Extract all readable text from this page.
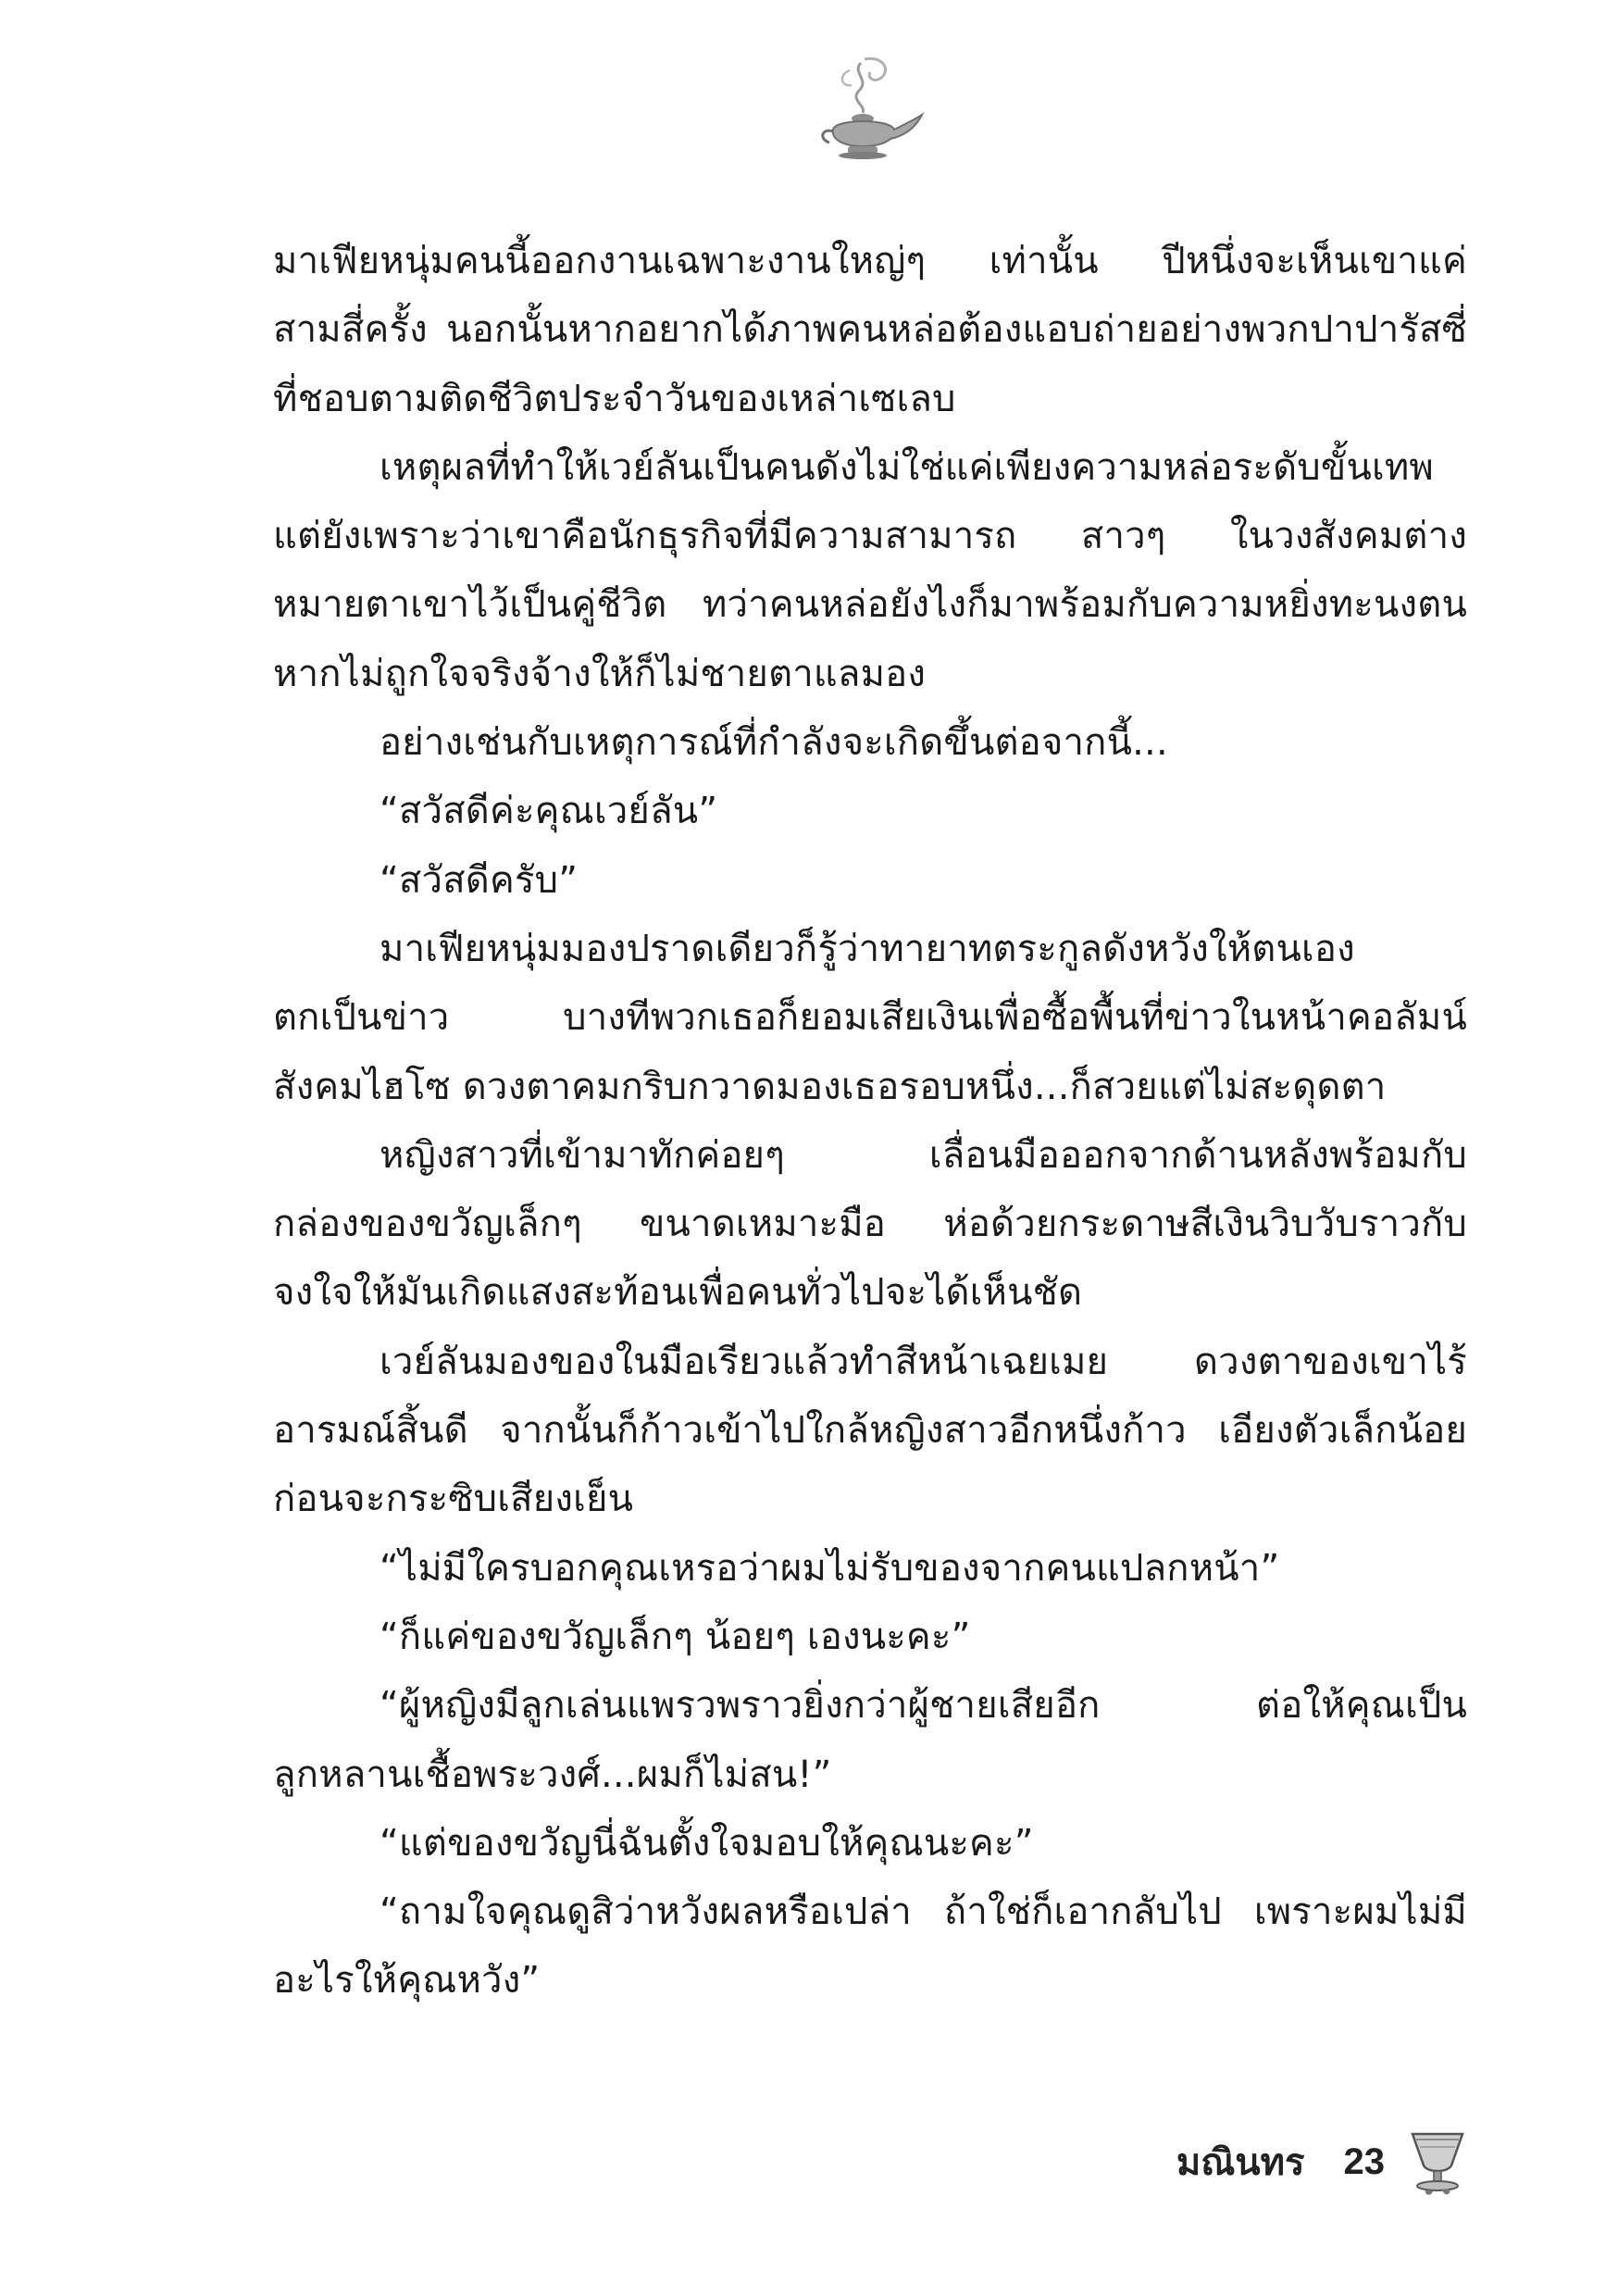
มาเฟียหนุ่มคนนี้ออกงานเฉพาะงานใหญ่ๆ เท่านั้น ปีหนึ่งจะเห็นเขาแค่
สามสี่ครั้ง นอกนั้นหากอยากได้ภาพคนหล่อต้องแอบถ่ายอย่างพวกปาปารัสซี่
ที่ชอบตามติดชีวิตประจำวันของเหล่าเซเลบ
เหตุผลที่ทำให้เวย์ลันเป็นคนดังไม่ใช่แค่เพียงความหล่อระดับขั้นเทพ
แต่ยังเพราะว่าเขาคือนักธุรกิจที่มีความสามารถ สาวๆ ในวงสังคมต่าง
หมายตาเขาไว้เป็นคู่ชีวิต ทว่าคนหล่อยังไงก็มาพร้อมกับความหยิ่งทะนงตน
หากไม่ถูกใจจริงจ้างให้ก็ไม่ชายตาแลมอง
อย่างเช่นกับเหตุการณ์ที่กำลังจะเกิดขึ้นต่อจากนี้...
“สวัสดีค่ะคุณเวย์ลัน”
“สวัสดีครับ”
มาเฟียหนุ่มมองปราดเดียวก็รู้ว่าทายาทตระกูลดังหวังให้ตนเอง
ตกเป็นข่าว บางทีพวกเธอก็ยอมเสียเงินเพื่อซื้อพื้นที่ข่าวในหน้าคอลัมน์
สังคมไฮโซ ดวงตาคมกริบกวาดมองเธอรอบหนึ่ง...ก็สวยแต่ไม่สะดุดตา
หญิงสาวที่เข้ามาทักค่อยๆ เลื่อนมือออกจากด้านหลังพร้อมกับ
กล่องของขวัญเล็กๆ ขนาดเหมาะมือ ห่อด้วยกระดาษสีเงินวิบวับราวกับ
จงใจให้มันเกิดแสงสะท้อนเพื่อคนทั่วไปจะได้เห็นชัด
เวย์ลันมองของในมือเรียวแล้วทำสีหน้าเฉยเมย ดวงตาของเขาไร้
อารมณ์สิ้นดี จากนั้นก็ก้าวเข้าไปใกล้หญิงสาวอีกหนึ่งก้าว เอียงตัวเล็กน้อย
ก่อนจะกระซิบเสียงเย็น
“ไม่มีใครบอกคุณเหรอว่าผมไม่รับของจากคนแปลกหน้า”
“ก็แค่ของขวัญเล็กๆ น้อยๆ เองนะคะ”
“ผู้หญิงมีลูกเล่นแพรวพราวยิ่งกว่าผู้ชายเสียอีก ต่อให้คุณเป็น
ลูกหลานเชื้อพระวงศ์...ผมก็ไม่สน!”
“แต่ของขวัญนี่ฉันตั้งใจมอบให้คุณนะคะ”
“ถามใจคุณดูสิว่าหวังผลหรือเปล่า ถ้าใช่ก็เอากลับไป เพราะผมไม่มี
อะไรให้คุณหวัง”
มณินทร 23
